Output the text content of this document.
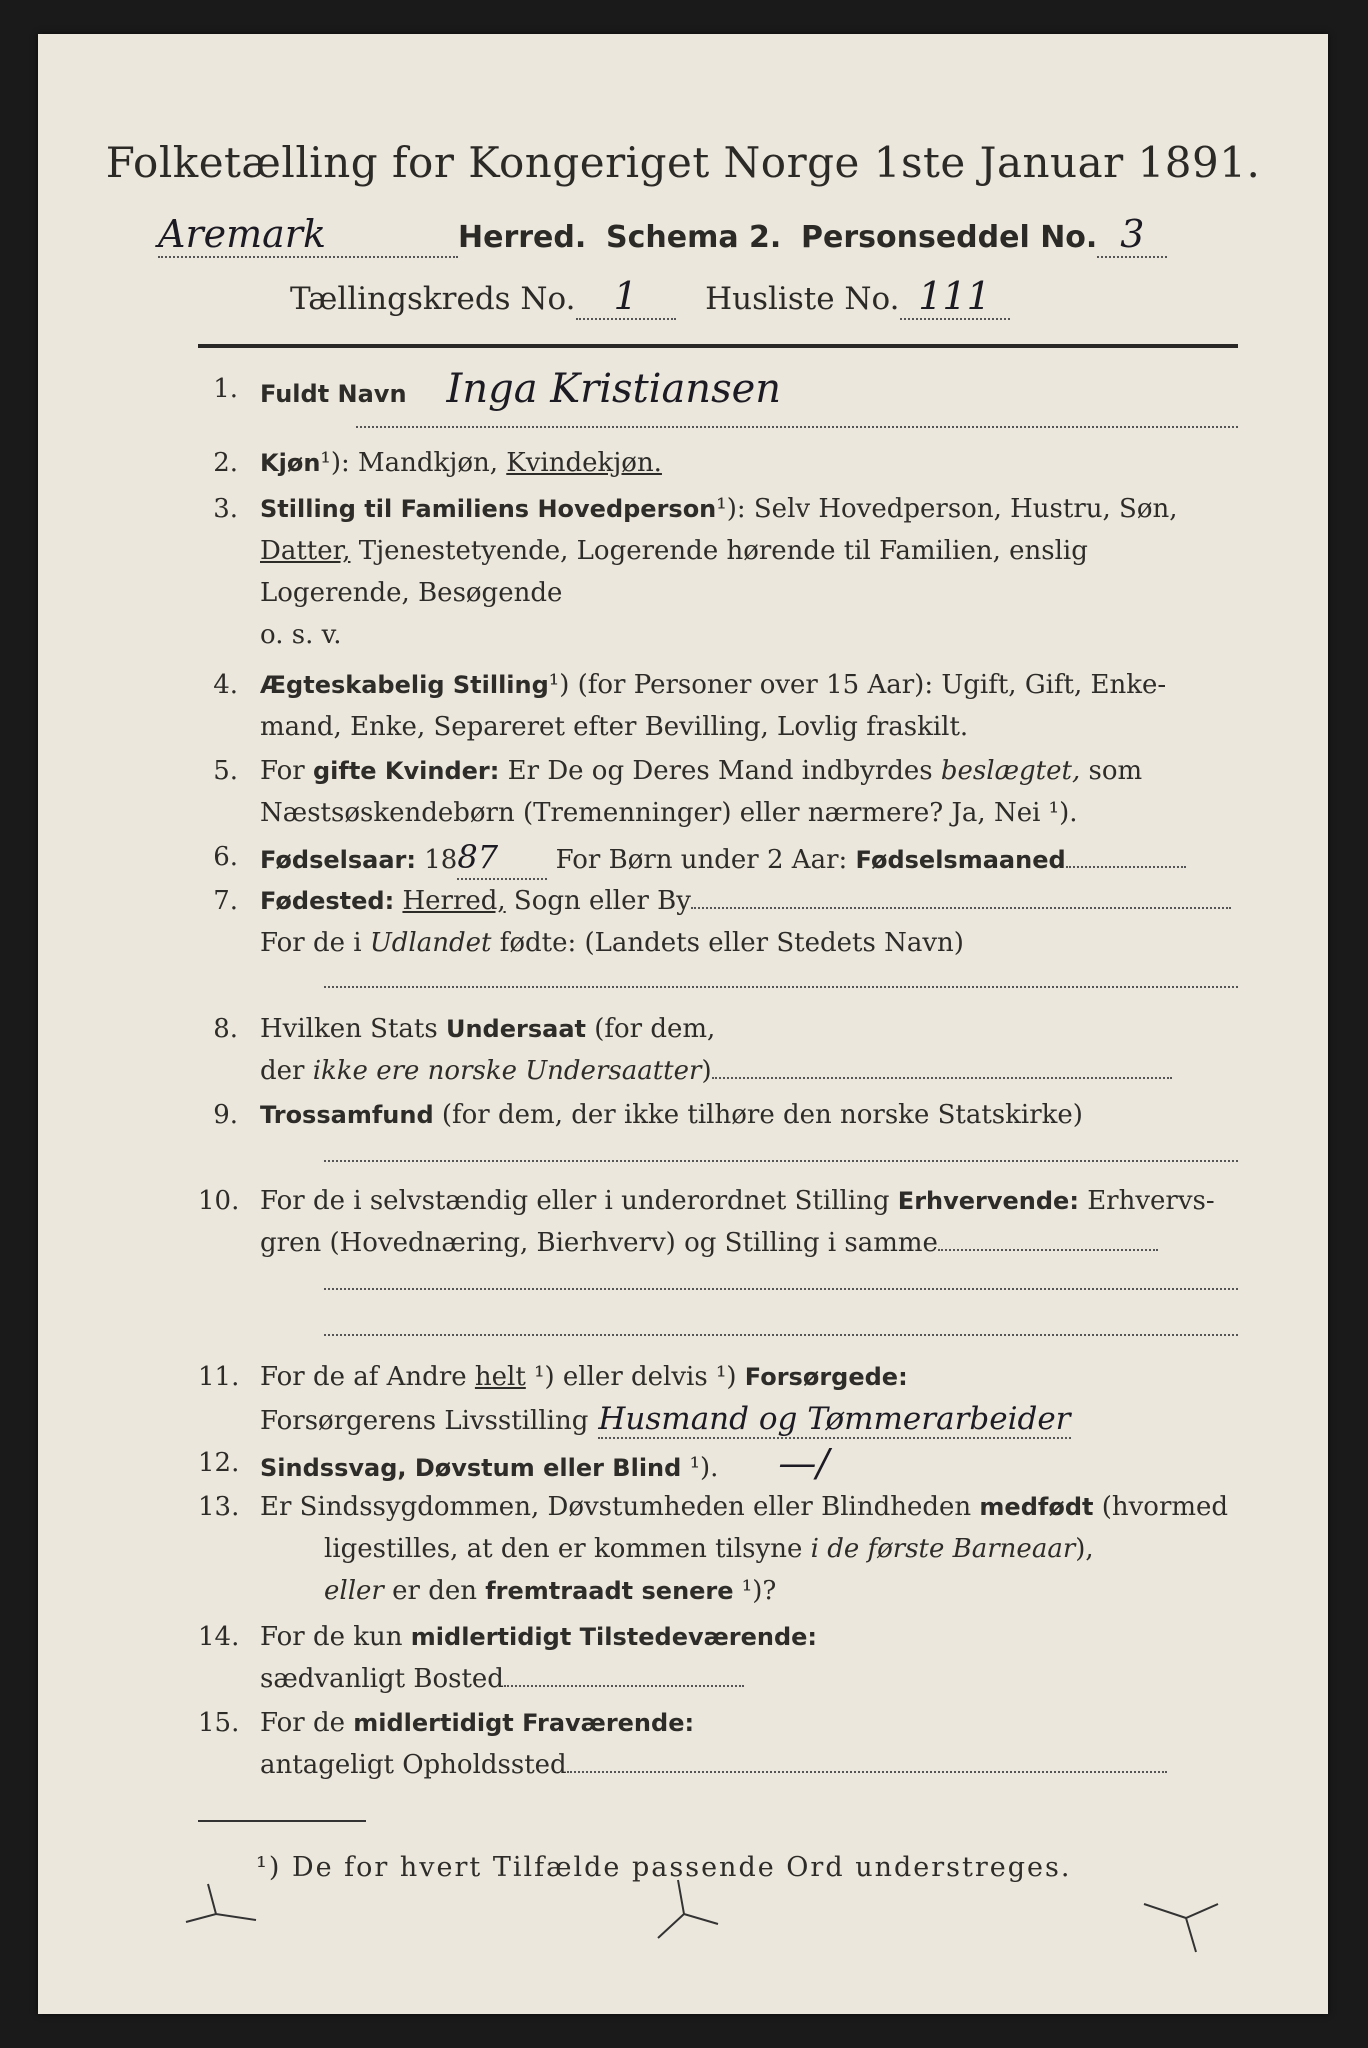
Folketælling for Kongeriget Norge 1ste Januar 1891.
Aremark	Herred. Schema 2. Personseddel No. 3
Tællingskreds No. 1 Husliste No. 111
1. Fuldt Navn Inga Kristiansen
2. Kjøn¹): Mandkjøn, Kvindekjøn.
3. Stilling til Familiens Hovedperson¹): Selv Hovedperson, Hustru, Søn,
Datter, Tjenestetyende, Logerende hørende til Familien, enslig
Logerende, Besøgende
o. s. v.
4. Ægteskabelig Stilling¹) (for Personer over 15 Aar): Ugift, Gift, Enke-
mand, Enke, Separeret efter Bevilling, Lovlig fraskilt.
5. For gifte Kvinder: Er De og Deres Mand indbyrdes beslægtet, som
Næstsøskendebørn (Tremenninger) eller nærmere? Ja, Nei ¹).
6. Fødselsaar: 1887 For Børn under 2 Aar: Fødselsmaaned
7. Fødested: Herred, Sogn eller By
For de i Udlandet fødte: (Landets eller Stedets Navn)
8. Hvilken Stats Undersaat (for dem,
der ikke ere norske Undersaatter)
9. Trossamfund (for dem, der ikke tilhøre den norske Statskirke)
10. For de i selvstændig eller i underordnet Stilling Erhvervende: Erhvervs-
gren (Hovednæring, Bierhverv) og Stilling i samme
11. For de af Andre helt ¹) eller delvis ¹) Forsørgede:
Forsørgerens Livsstilling Husmand og Tømmerarbeider
12. Sindssvag, Døvstum eller Blind ¹). —/
13. Er Sindssygdommen, Døvstumheden eller Blindheden medfødt (hvormed
ligestilles, at den er kommen tilsyne i de første Barneaar),
eller er den fremtraadt senere ¹)?
14. For de kun midlertidigt Tilstedeværende:
sædvanligt Bosted
15. For de midlertidigt Fraværende:
antageligt Opholdssted
¹) De for hvert Tilfælde passende Ord understreges.
